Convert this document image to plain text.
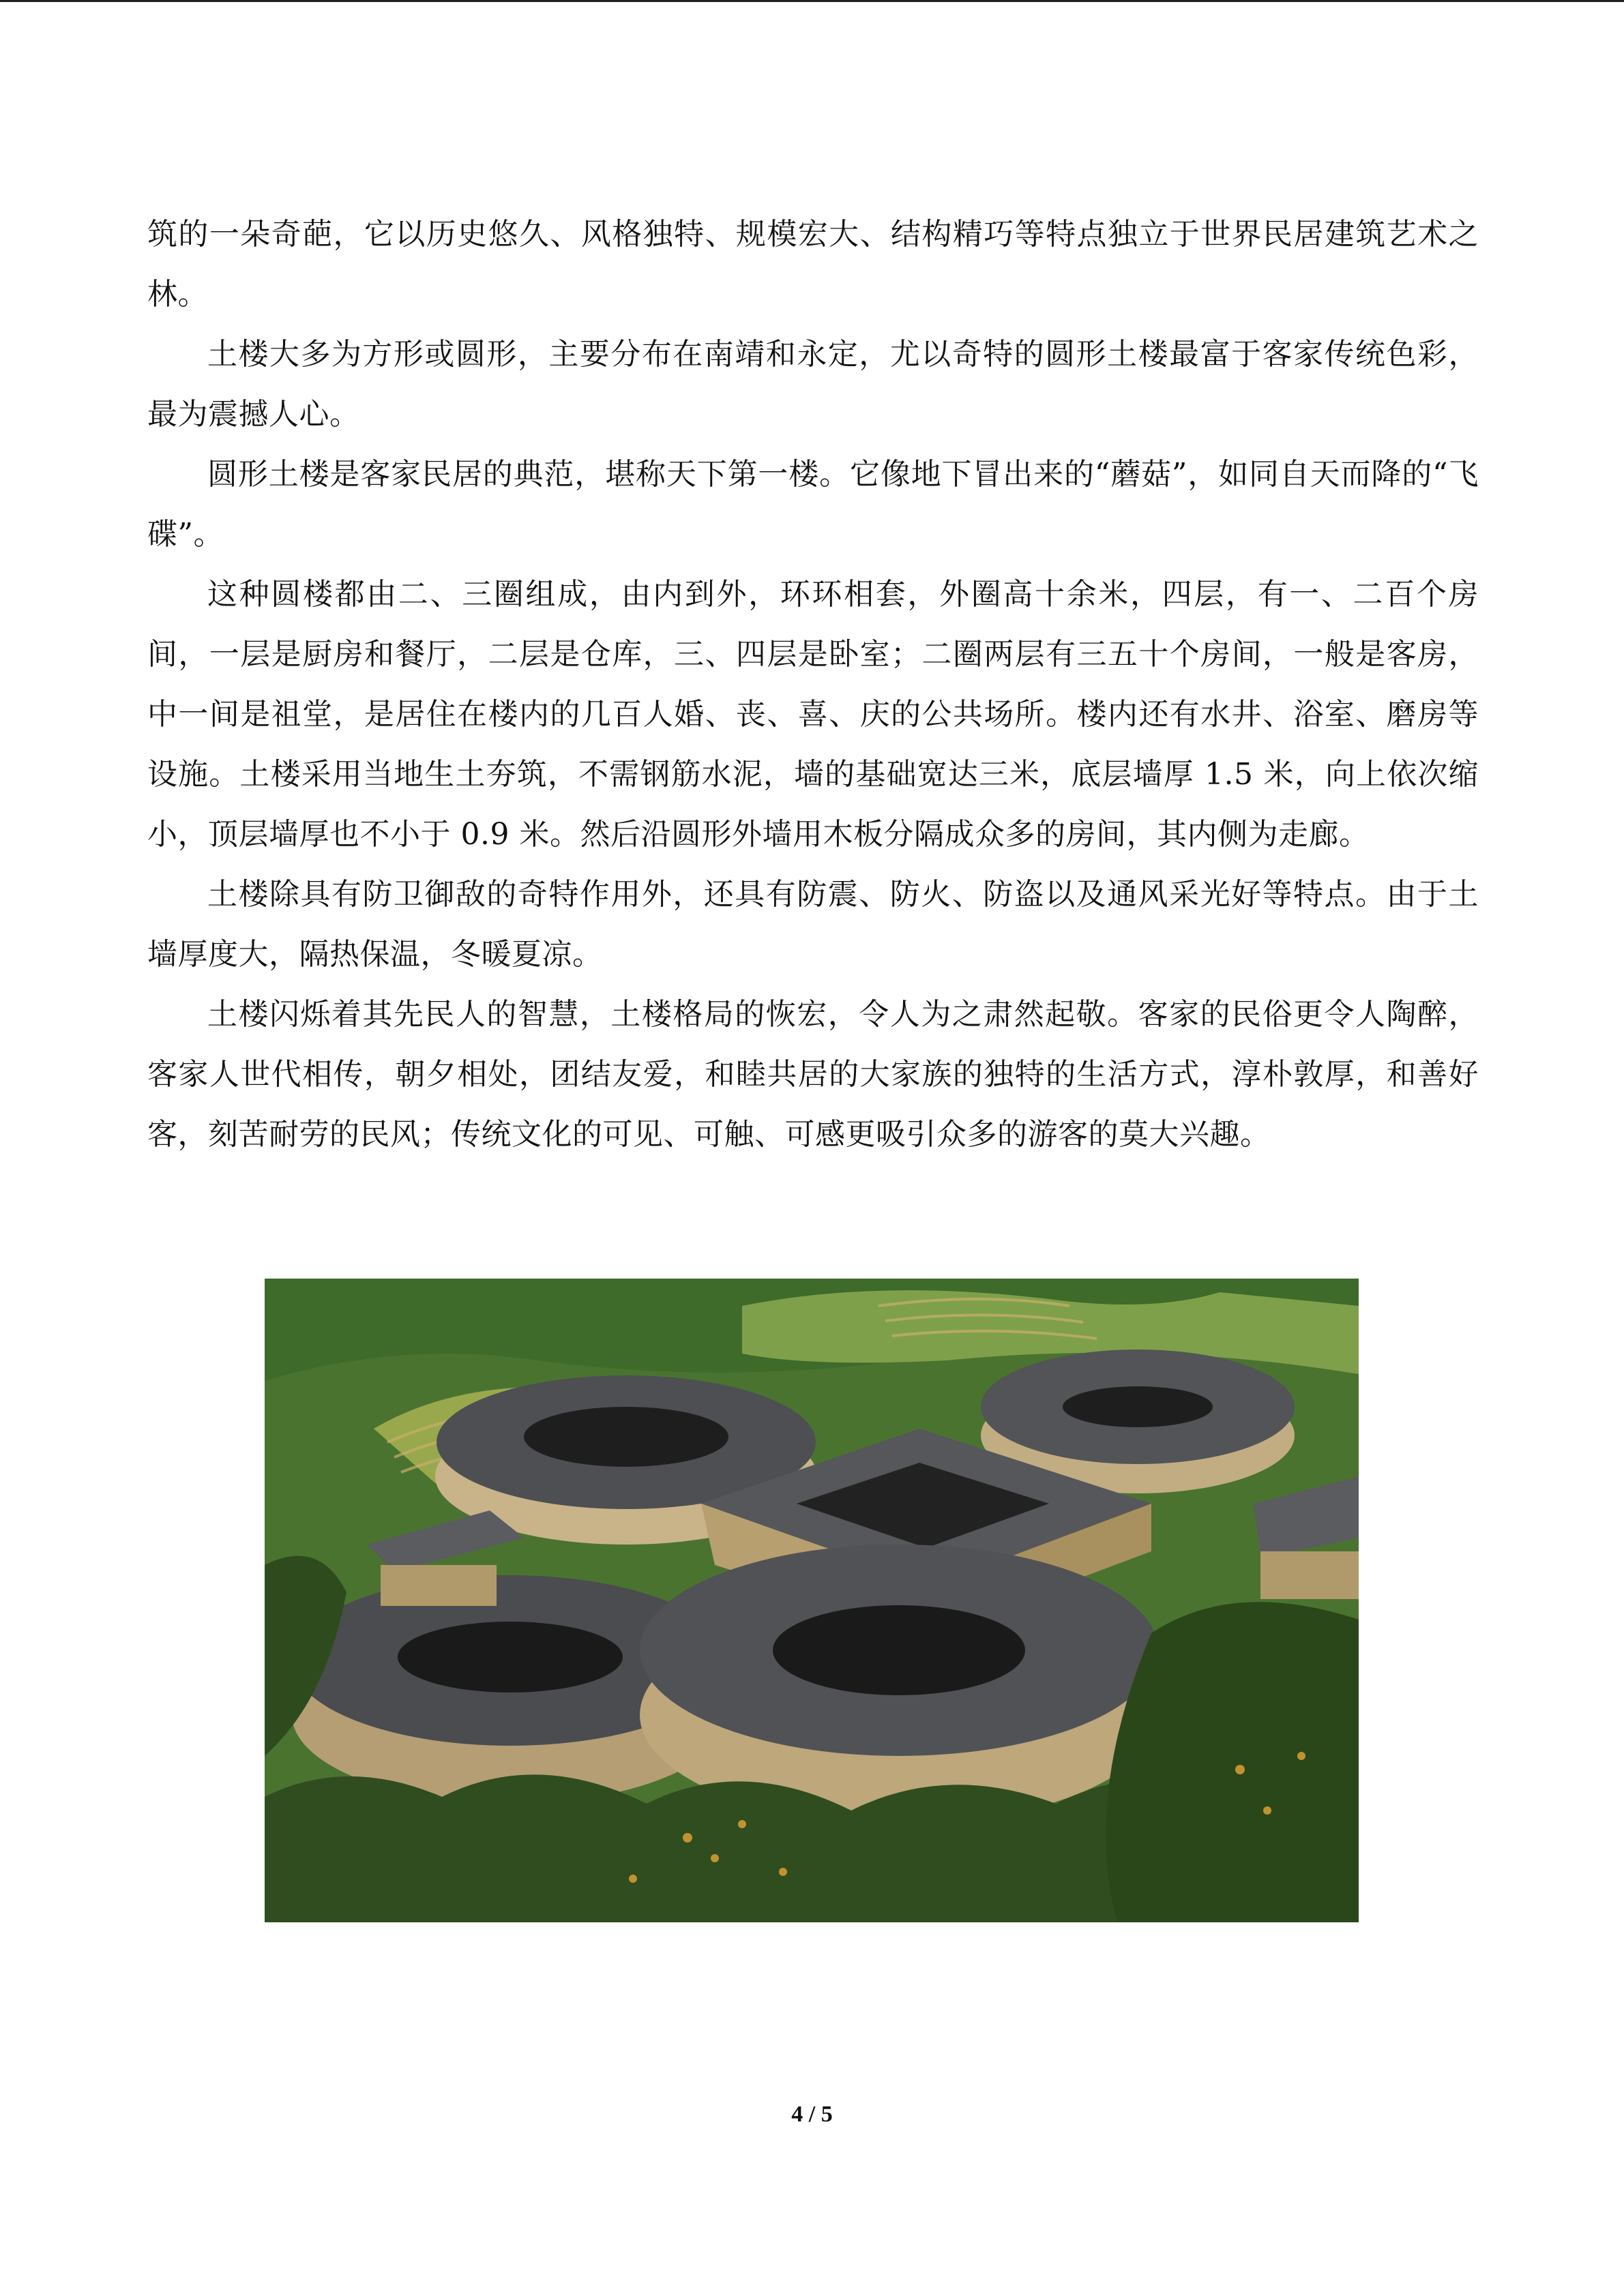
筑的一朵奇葩，它以历史悠久、风格独特、规模宏大、结构精巧等特点独立于世界民居建筑艺术之林。

土楼大多为方形或圆形，主要分布在南靖和永定，尤以奇特的圆形土楼最富于客家传统色彩，最为震撼人心。

圆形土楼是客家民居的典范，堪称天下第一楼。它像地下冒出来的“蘑菇”，如同自天而降的“飞碟”。

这种圆楼都由二、三圈组成，由内到外，环环相套，外圈高十余米，四层，有一、二百个房间，一层是厨房和餐厅，二层是仓库，三、四层是卧室；二圈两层有三五十个房间，一般是客房，中一间是祖堂，是居住在楼内的几百人婚、丧、喜、庆的公共场所。楼内还有水井、浴室、磨房等设施。土楼采用当地生土夯筑，不需钢筋水泥，墙的基础宽达三米，底层墙厚 1.5 米，向上依次缩小，顶层墙厚也不小于 0.9 米。然后沿圆形外墙用木板分隔成众多的房间，其内侧为走廊。

土楼除具有防卫御敌的奇特作用外，还具有防震、防火、防盗以及通风采光好等特点。由于土墙厚度大，隔热保温，冬暖夏凉。

土楼闪烁着其先民人的智慧，土楼格局的恢宏，令人为之肃然起敬。客家的民俗更令人陶醉，客家人世代相传，朝夕相处，团结友爱，和睦共居的大家族的独特的生活方式，淳朴敦厚，和善好客，刻苦耐劳的民风；传统文化的可见、可触、可感更吸引众多的游客的莫大兴趣。

4 / 5
